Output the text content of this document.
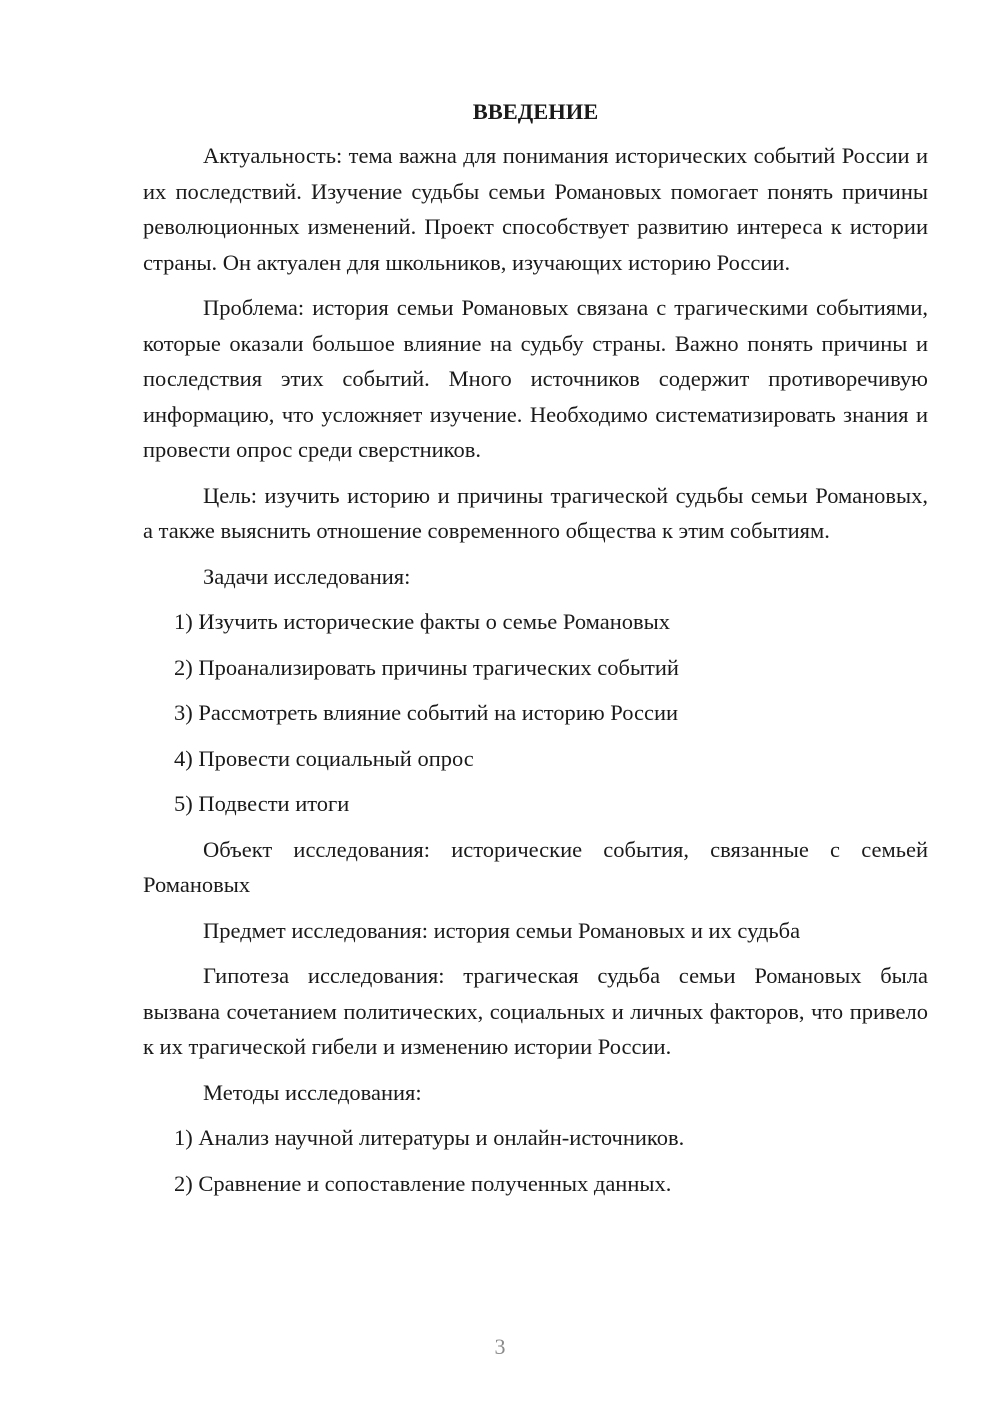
ВВЕДЕНИЕ

Актуальность: тема важна для понимания исторических событий России и их последствий. Изучение судьбы семьи Романовых помогает понять причины революционных изменений. Проект способствует развитию интереса к истории страны. Он актуален для школьников, изучающих историю России.

Проблема: история семьи Романовых связана с трагическими событиями, которые оказали большое влияние на судьбу страны. Важно понять причины и последствия этих событий. Много источников содержит противоречивую информацию, что усложняет изучение. Необходимо систематизировать знания и провести опрос среди сверстников.

Цель: изучить историю и причины трагической судьбы семьи Романовых, а также выяснить отношение современного общества к этим событиям.

Задачи исследования:

1) Изучить исторические факты о семье Романовых
2) Проанализировать причины трагических событий
3) Рассмотреть влияние событий на историю России
4) Провести социальный опрос
5) Подвести итоги

Объект исследования: исторические события, связанные с семьей Романовых

Предмет исследования: история семьи Романовых и их судьба

Гипотеза исследования: трагическая судьба семьи Романовых была вызвана сочетанием политических, социальных и личных факторов, что привело к их трагической гибели и изменению истории России.

Методы исследования:

1) Анализ научной литературы и онлайн-источников.
2) Сравнение и сопоставление полученных данных.
3
